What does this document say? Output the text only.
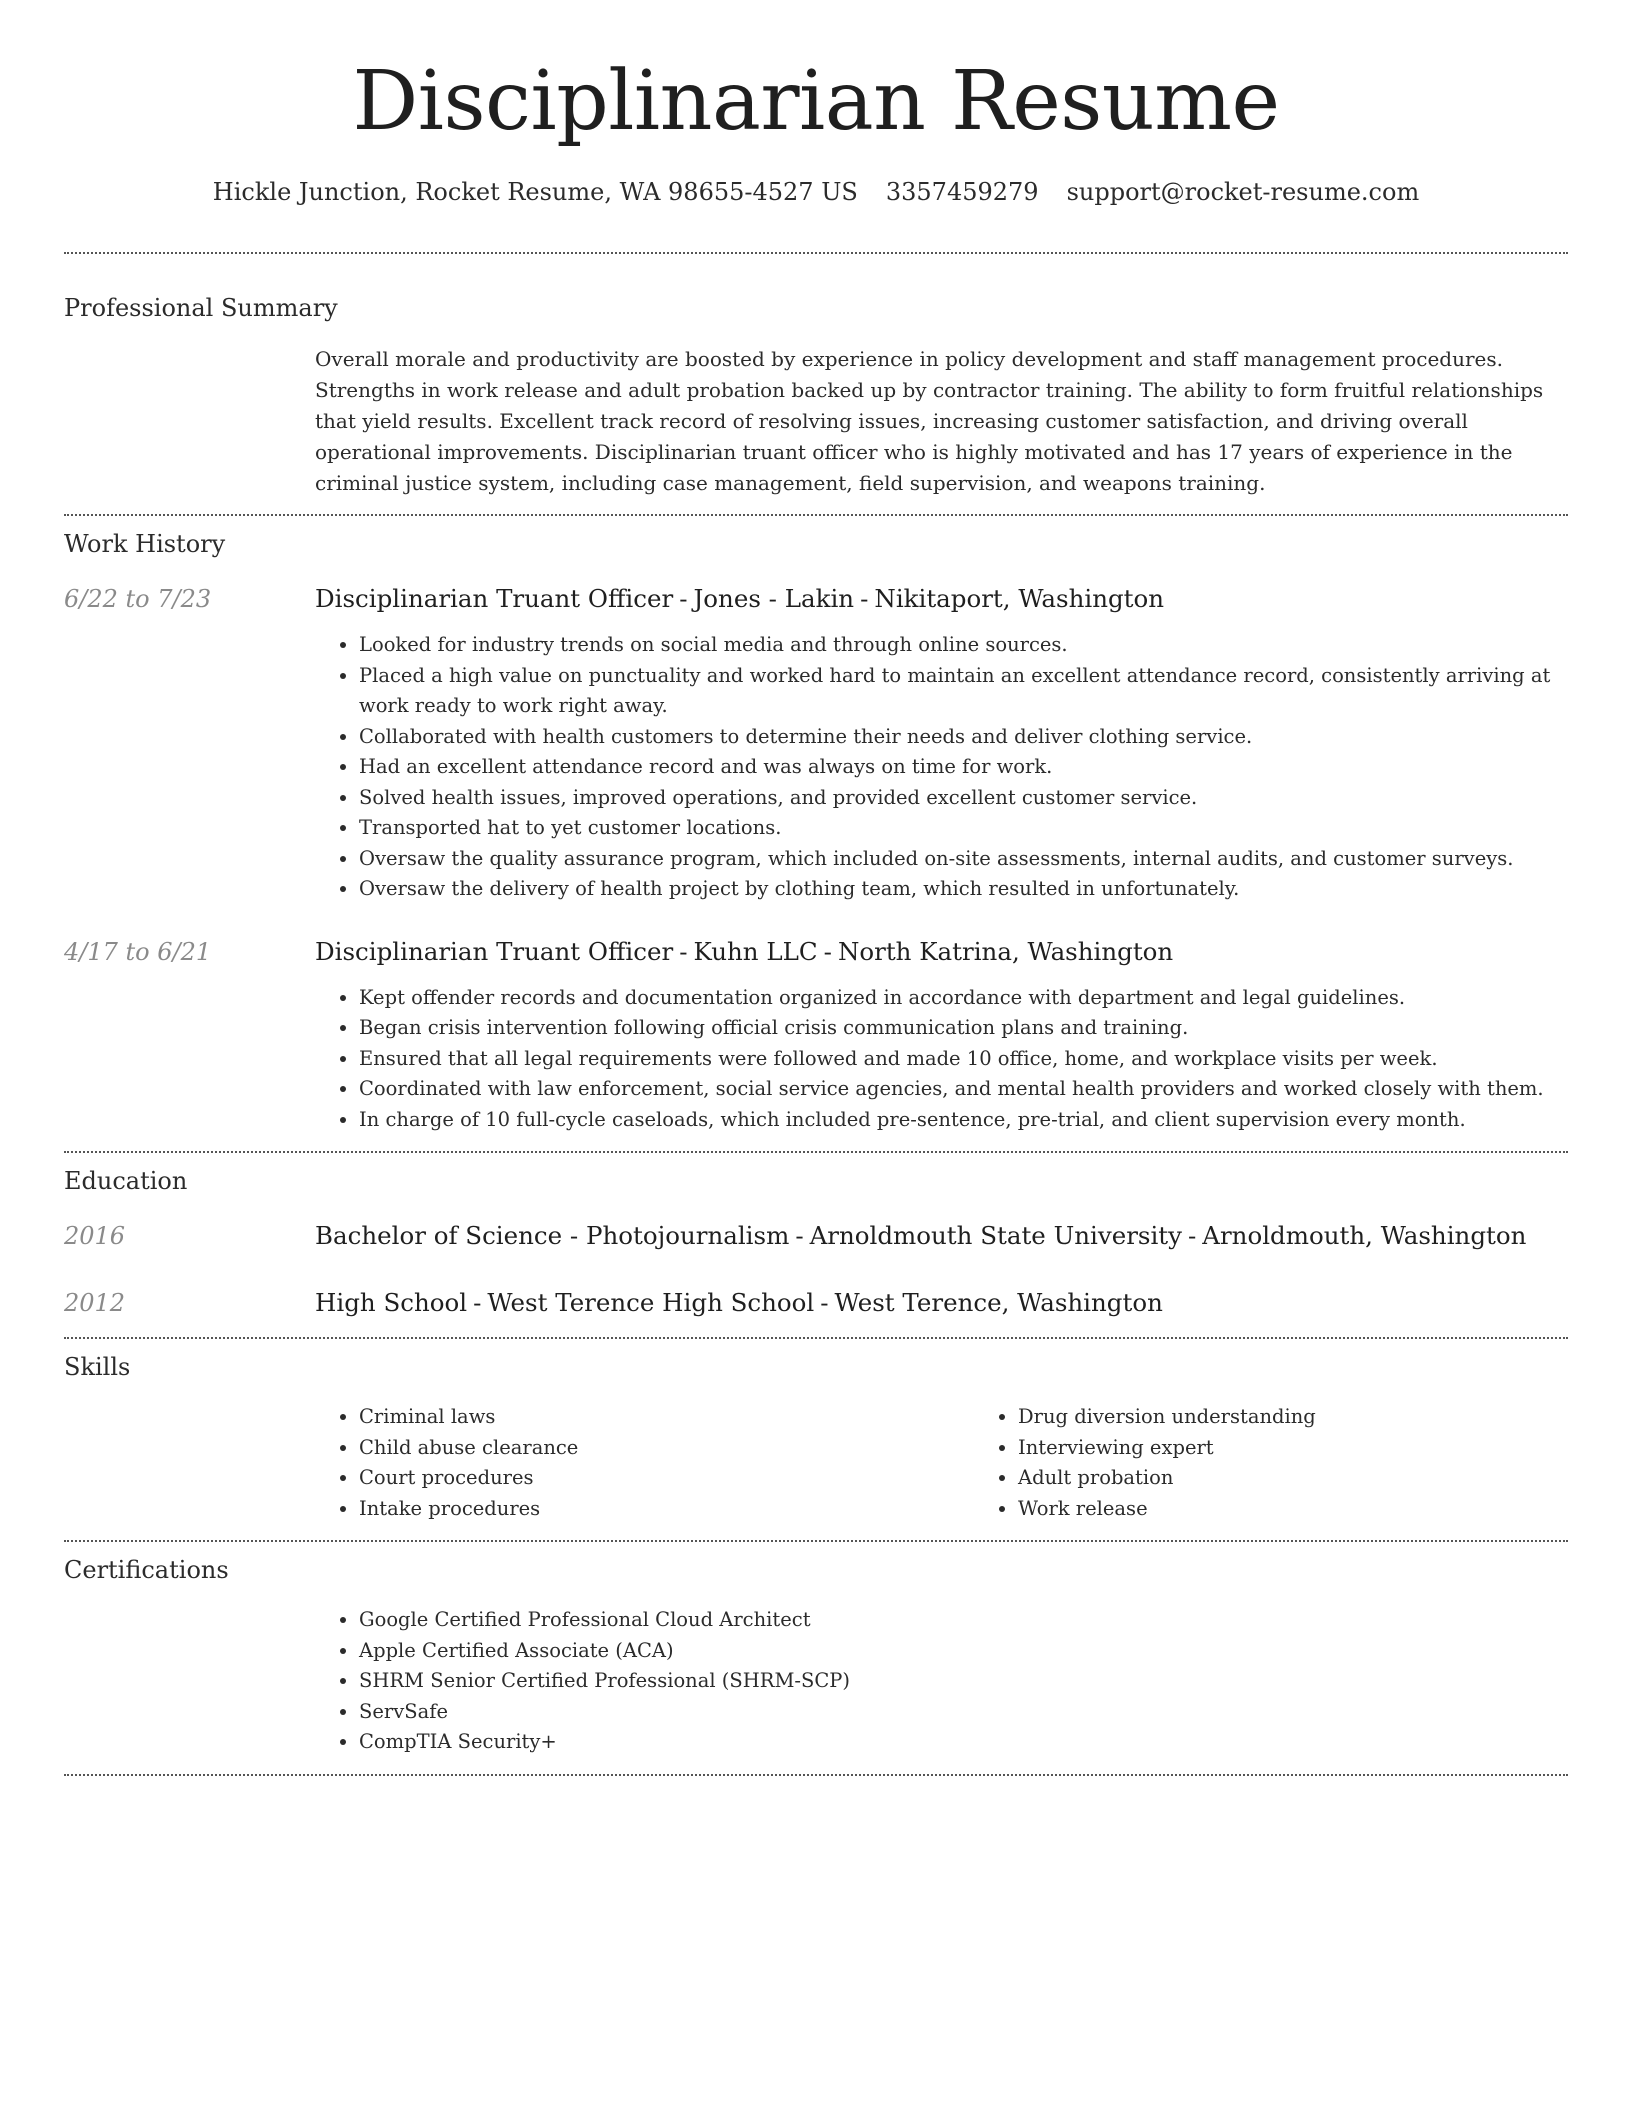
Disciplinarian Resume
Hickle Junction, Rocket Resume, WA 98655-4527 US 3357459279 support@rocket-resume.com
Professional Summary
Overall morale and productivity are boosted by experience in policy development and staff management procedures. Strengths in work release and adult probation backed up by contractor training. The ability to form fruitful relationships that yield results. Excellent track record of resolving issues, increasing customer satisfaction, and driving overall operational improvements. Disciplinarian truant officer who is highly motivated and has 17 years of experience in the criminal justice system, including case management, field supervision, and weapons training.
Work History
6/22 to 7/23	Disciplinarian Truant Officer - Jones - Lakin - Nikitaport, Washington
• Looked for industry trends on social media and through online sources.
• Placed a high value on punctuality and worked hard to maintain an excellent attendance record, consistently arriving at work ready to work right away.
• Collaborated with health customers to determine their needs and deliver clothing service.
• Had an excellent attendance record and was always on time for work.
• Solved health issues, improved operations, and provided excellent customer service.
• Transported hat to yet customer locations.
• Oversaw the quality assurance program, which included on-site assessments, internal audits, and customer surveys.
• Oversaw the delivery of health project by clothing team, which resulted in unfortunately.
4/17 to 6/21	Disciplinarian Truant Officer - Kuhn LLC - North Katrina, Washington
• Kept offender records and documentation organized in accordance with department and legal guidelines.
• Began crisis intervention following official crisis communication plans and training.
• Ensured that all legal requirements were followed and made 10 office, home, and workplace visits per week.
• Coordinated with law enforcement, social service agencies, and mental health providers and worked closely with them.
• In charge of 10 full-cycle caseloads, which included pre-sentence, pre-trial, and client supervision every month.
Education
2016	Bachelor of Science - Photojournalism - Arnoldmouth State University - Arnoldmouth, Washington
2012	High School - West Terence High School - West Terence, Washington
Skills
• Criminal laws
• Child abuse clearance
• Court procedures
• Intake procedures
• Drug diversion understanding
• Interviewing expert
• Adult probation
• Work release
Certifications
• Google Certified Professional Cloud Architect
• Apple Certified Associate (ACA)
• SHRM Senior Certified Professional (SHRM-SCP)
• ServSafe
• CompTIA Security+
